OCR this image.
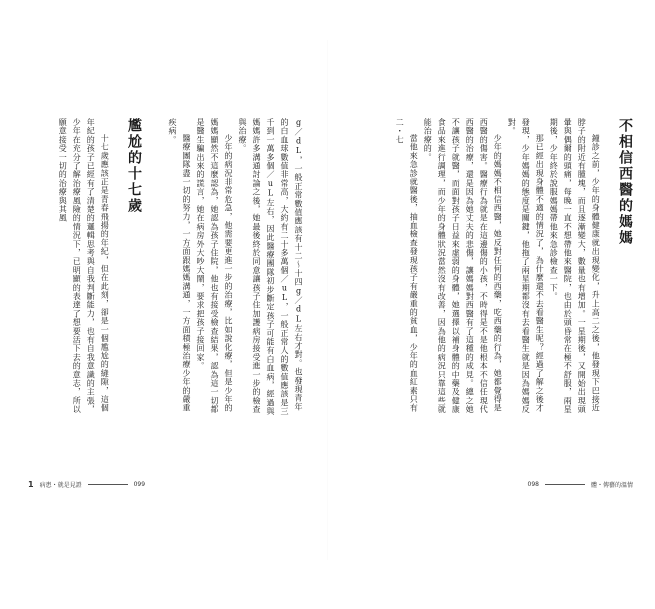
不相信西醫的媽媽

鐘診之前，少年的身體健康就出現變化，升上高二之後，他發現下巴接近脖子的附近有腫塊，而且逐漸變大，數量也有增加。一星期後，又開始出現頭暈與偶爾的頭痛，每晚一直不想帶他來醫院，也由於頭昏常在極不舒服，兩星期後，少年終於說服媽媽帶他來急診檢查一下。

那已經出現身體不適的情況了，為什麼還不去看醫生呢？經過了解之後才發現，少年媽媽的態度是關鍵，他拖了兩星期都沒有去看醫生就是因為媽媽反對。

少年的媽媽不相信西醫，她反對任何的西藥，吃西藥的行為，她都覺得是西醫的傷害。醫療行為就是在這邊傷的小孩，不時得是不是他根本不信任現代西醫的治療，還是因為她丈夫的悲傷，讓媽媽對西醫有了這種的成見。總之她不讓孩子就醫，而面對孩子日益來虛弱的身體，她選擇以補身體的中藥及健康食品來進行調理，而少年的身體狀況當然沒有改善，因為他的病況只靠這些就能治療的。

當他來急診就醫後，抽血檢查發現孩子有嚴重的貧血，少年的血紅素只有二・七

098	體・傳藝的溫情

g／dL，一般正常數值應該有十二～十四g／dL左右才對。也發現青年的白血球數值非常高，大約有二十多萬個／uL，一般正常人的數值應該是三千到一萬多個／uL左右，因此醫療團隊初步斷定孩子可能有白血病，經過與媽媽許多溝通討論之後，她最後終於同意讓孩子住加護病房接受進一步的檢查與治療。

少年的病況非常危急，他需要更進一步的治療，比如說化療，但是少年的媽媽顯然不這麼認為，她認為孩子住院，他也有接受檢查結果，認為這一切都是醫生騙出來的謊言，她在病房外大吵大鬧，要求把孩子接回家。

醫療團隊盡一切的努力，一方面跟媽媽溝通，一方面積極治療少年的嚴重疾病。

尷尬的十七歲

十七歲應該正是青春飛揚的年紀，但在此刻，卻是一個尷尬的縫隙，這個年紀的孩子已經有了清楚的邏輯思考與自我判斷能力，也有自我意識的主張，少年在充分了解治療風險的情況下，已明顯的表達了想要活下去的意志，所以願意接受一切的治療與其風

1 病患・就是見證	099
